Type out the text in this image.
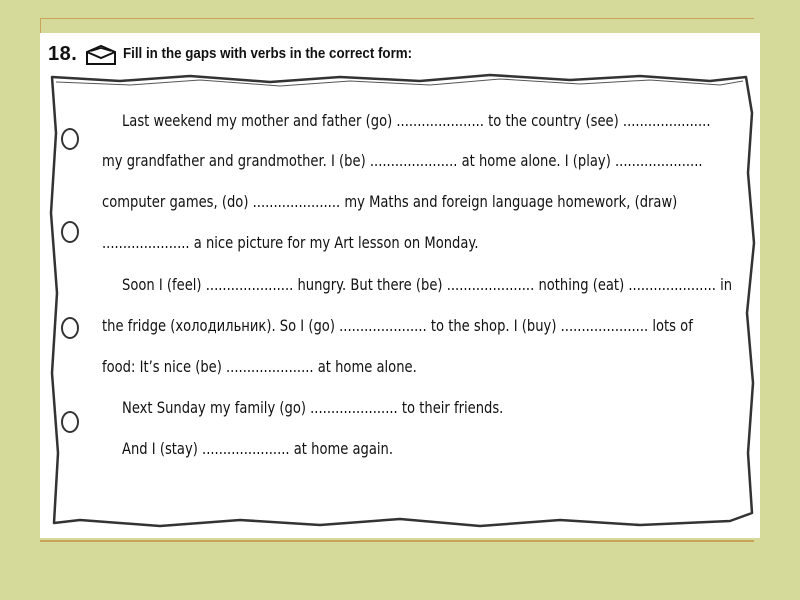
18.	Fill in the gaps with verbs in the correct form:
Last weekend my mother and father (go) ..................... to the country (see) .....................
my grandfather and grandmother. I (be) ..................... at home alone. I (play) .....................
computer games, (do) ..................... my Maths and foreign language homework, (draw)
..................... a nice picture for my Art lesson on Monday.
Soon I (feel) ..................... hungry. But there (be) ..................... nothing (eat) ..................... in
the fridge (холодильник). So I (go) ..................... to the shop. I (buy) ..................... lots of
food: It’s nice (be) ..................... at home alone.
Next Sunday my family (go) ..................... to their friends.
And I (stay) ..................... at home again.
